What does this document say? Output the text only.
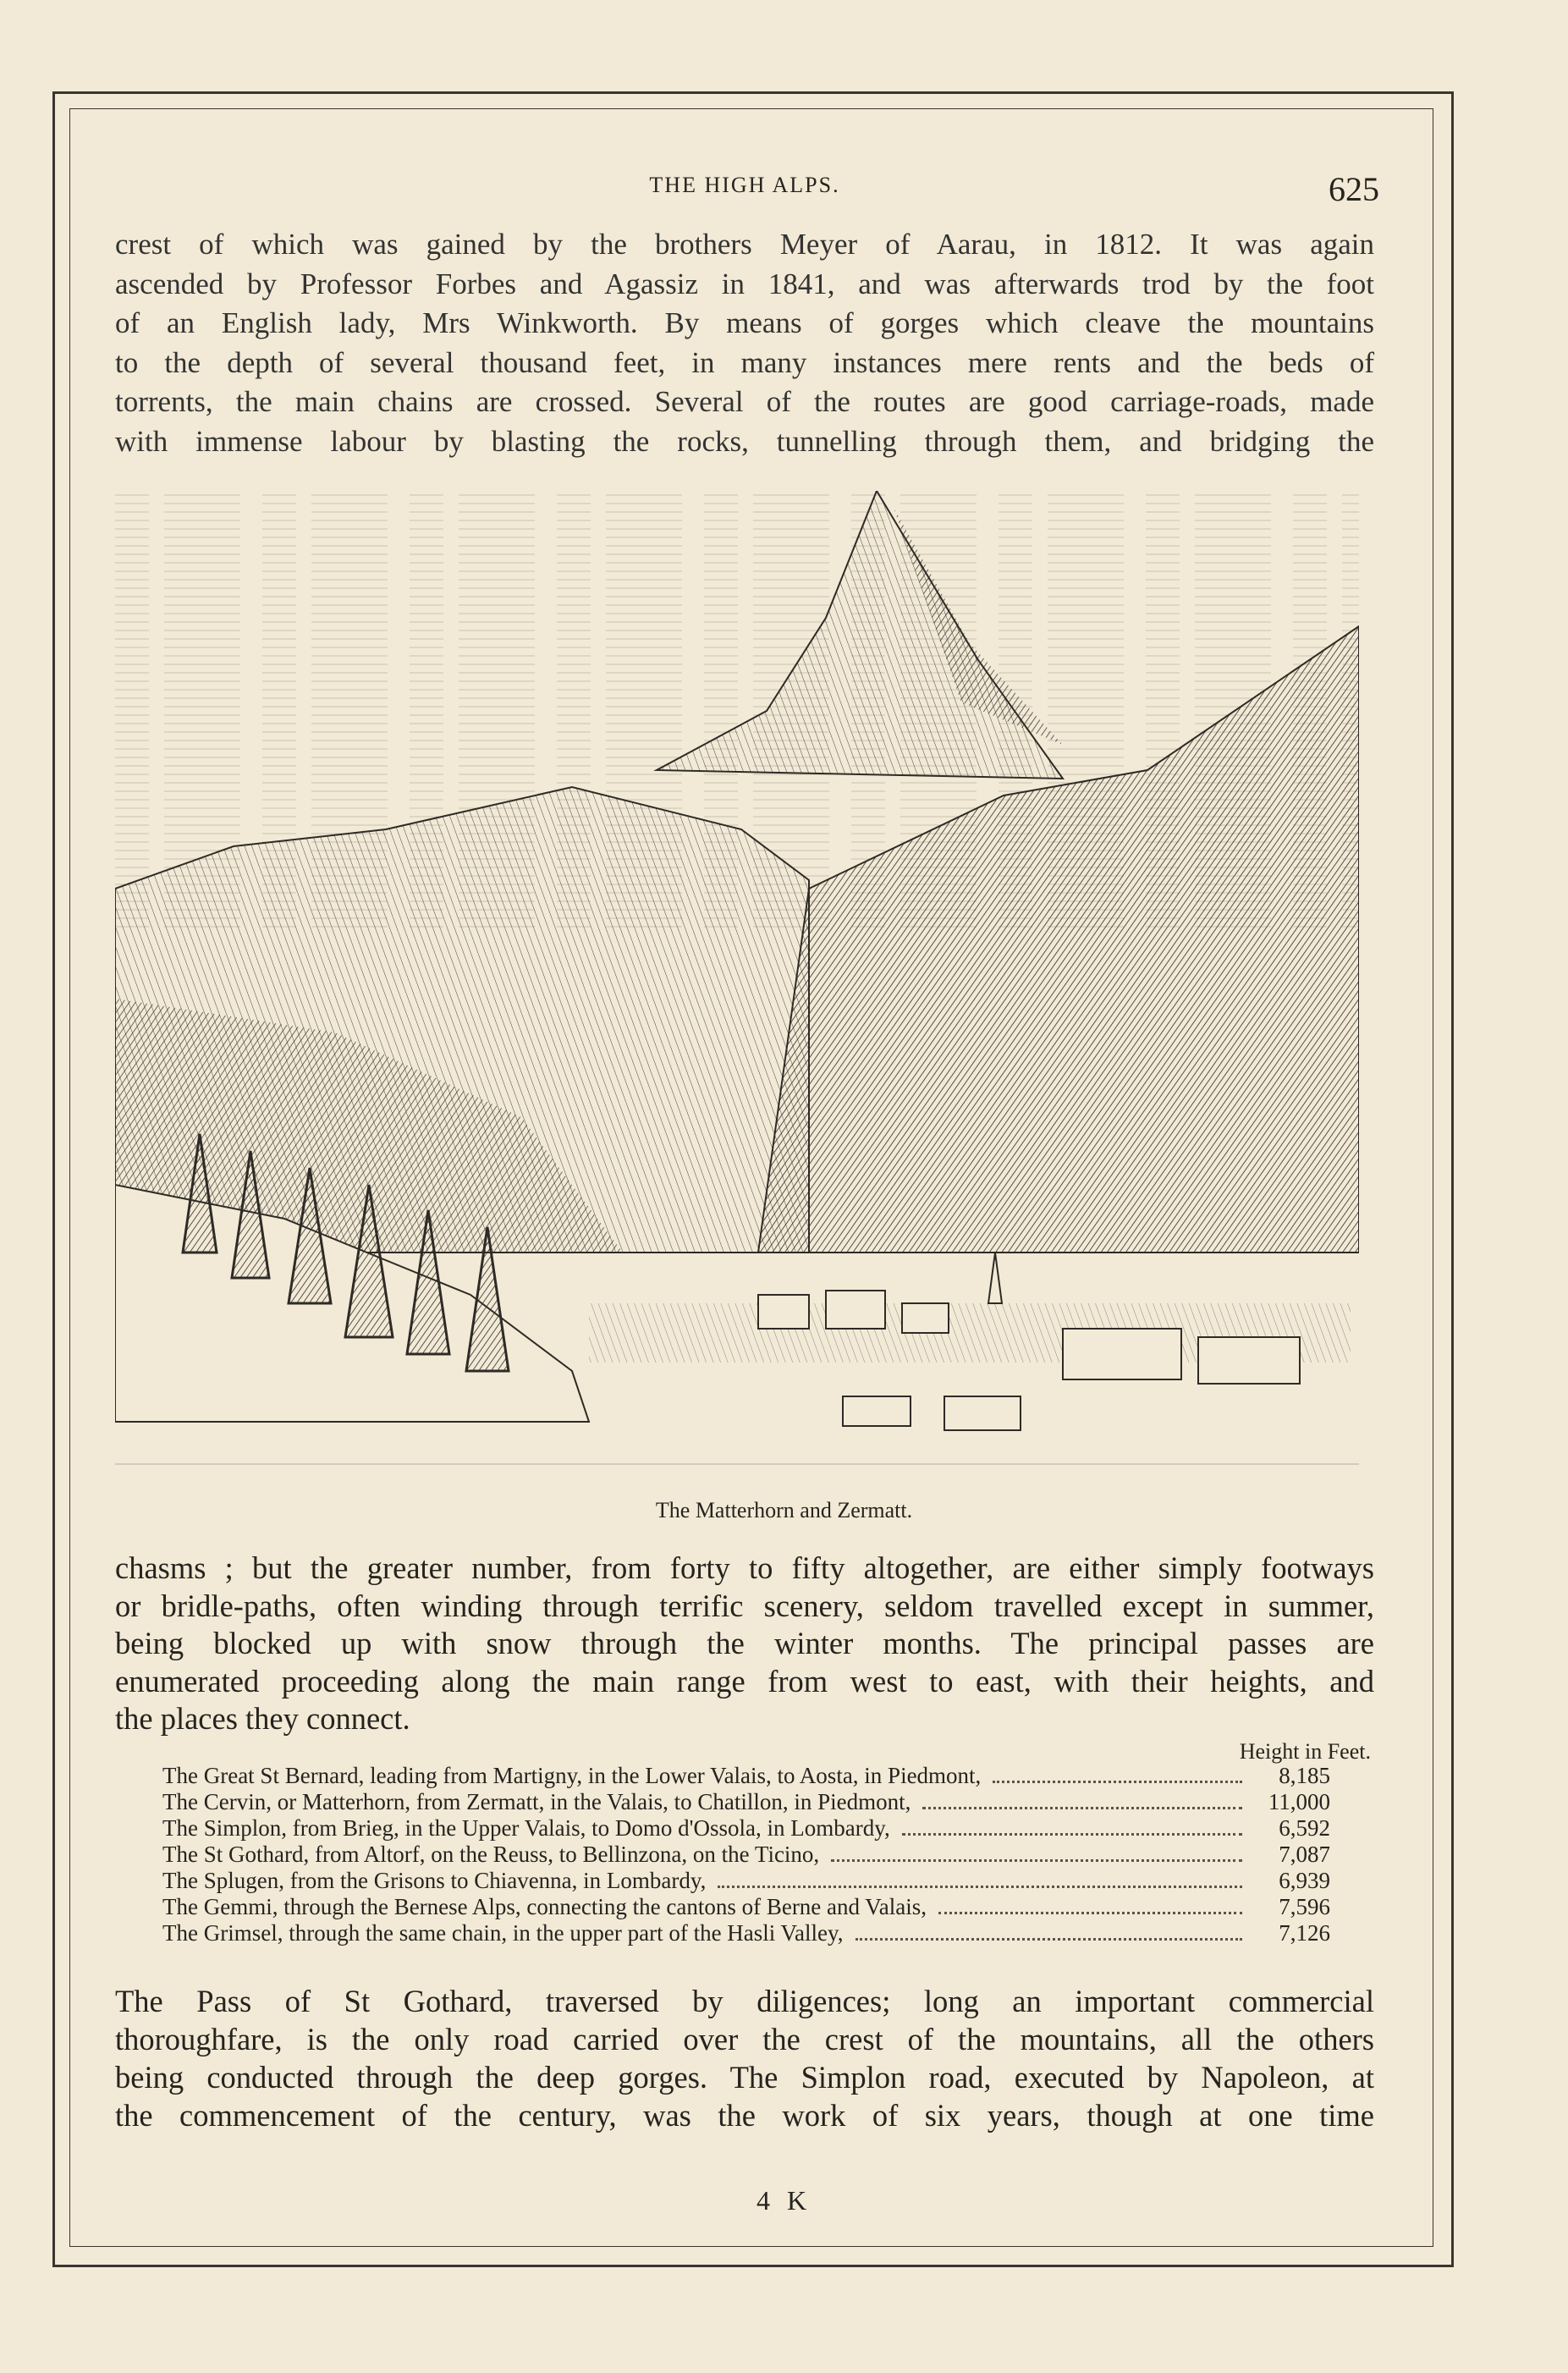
THE HIGH ALPS.	625
crest of which was gained by the brothers Meyer of Aarau, in 1812. It was again
ascended by Professor Forbes and Agassiz in 1841, and was afterwards trod by the foot
of an English lady, Mrs Winkworth. By means of gorges which cleave the mountains
to the depth of several thousand feet, in many instances mere rents and the beds of
torrents, the main chains are crossed. Several of the routes are good carriage-roads, made
with immense labour by blasting the rocks, tunnelling through them, and bridging the
The Matterhorn and Zermatt.
chasms ; but the greater number, from forty to fifty altogether, are either simply footways
or bridle-paths, often winding through terrific scenery, seldom travelled except in summer,
being blocked up with snow through the winter months. The principal passes are
enumerated proceeding along the main range from west to east, with their heights, and
the places they connect.
Height in Feet.
The Great St Bernard, leading from Martigny, in the Lower Valais, to Aosta, in Piedmont,	8,185
The Cervin, or Matterhorn, from Zermatt, in the Valais, to Chatillon, in Piedmont,	11,000
The Simplon, from Brieg, in the Upper Valais, to Domo d'Ossola, in Lombardy,	6,592
The St Gothard, from Altorf, on the Reuss, to Bellinzona, on the Ticino,	7,087
The Splugen, from the Grisons to Chiavenna, in Lombardy,	6,939
The Gemmi, through the Bernese Alps, connecting the cantons of Berne and Valais,	7,596
The Grimsel, through the same chain, in the upper part of the Hasli Valley,	7,126
The Pass of St Gothard, traversed by diligences; long an important commercial
thoroughfare, is the only road carried over the crest of the mountains, all the others
being conducted through the deep gorges. The Simplon road, executed by Napoleon, at
the commencement of the century, was the work of six years, though at one time
4 K
